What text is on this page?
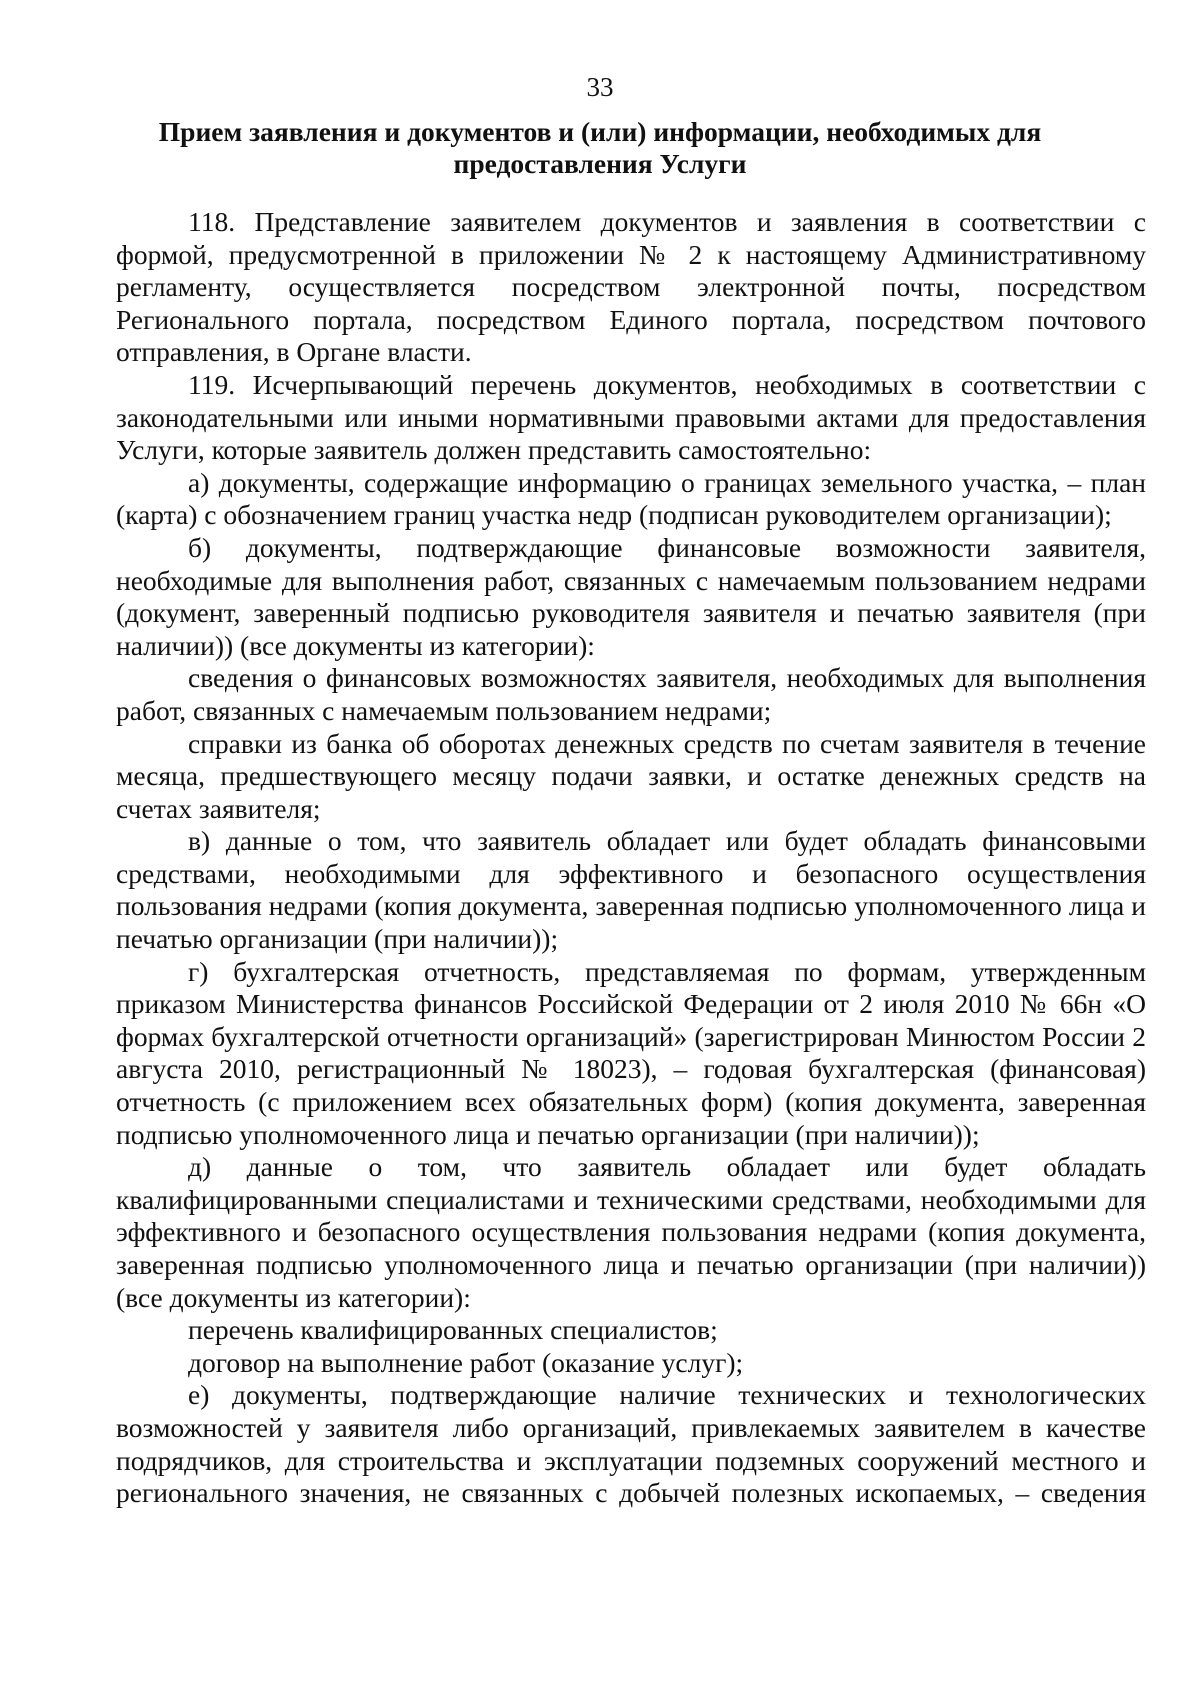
33
Прием заявления и документов и (или) информации, необходимых для предоставления Услуги

118. Представление заявителем документов и заявления в соответствии с формой, предусмотренной в приложении № 2 к настоящему Административному регламенту, осуществляется посредством электронной почты, посредством Регионального портала, посредством Единого портала, посредством почтового отправления, в Органе власти.

119. Исчерпывающий перечень документов, необходимых в соответствии с законодательными или иными нормативными правовыми актами для предоставления Услуги, которые заявитель должен представить самостоятельно:

а) документы, содержащие информацию о границах земельного участка, – план (карта) с обозначением границ участка недр (подписан руководителем организации);

б) документы, подтверждающие финансовые возможности заявителя, необходимые для выполнения работ, связанных с намечаемым пользованием недрами (документ, заверенный подписью руководителя заявителя и печатью заявителя (при наличии)) (все документы из категории):

сведения о финансовых возможностях заявителя, необходимых для выполнения работ, связанных с намечаемым пользованием недрами;

справки из банка об оборотах денежных средств по счетам заявителя в течение месяца, предшествующего месяцу подачи заявки, и остатке денежных средств на счетах заявителя;

в) данные о том, что заявитель обладает или будет обладать финансовыми средствами, необходимыми для эффективного и безопасного осуществления пользования недрами (копия документа, заверенная подписью уполномоченного лица и печатью организации (при наличии));

г) бухгалтерская отчетность, представляемая по формам, утвержденным приказом Министерства финансов Российской Федерации от 2 июля 2010 № 66н «О формах бухгалтерской отчетности организаций» (зарегистрирован Минюстом России 2 августа 2010, регистрационный № 18023), – годовая бухгалтерская (финансовая) отчетность (с приложением всех обязательных форм) (копия документа, заверенная подписью уполномоченного лица и печатью организации (при наличии));

д) данные о том, что заявитель обладает или будет обладать квалифицированными специалистами и техническими средствами, необходимыми для эффективного и безопасного осуществления пользования недрами (копия документа, заверенная подписью уполномоченного лица и печатью организации (при наличии)) (все документы из категории):

перечень квалифицированных специалистов;

договор на выполнение работ (оказание услуг);

е) документы, подтверждающие наличие технических и технологических возможностей у заявителя либо организаций, привлекаемых заявителем в качестве подрядчиков, для строительства и эксплуатации подземных сооружений местного и регионального значения, не связанных с добычей полезных ископаемых, – сведения
